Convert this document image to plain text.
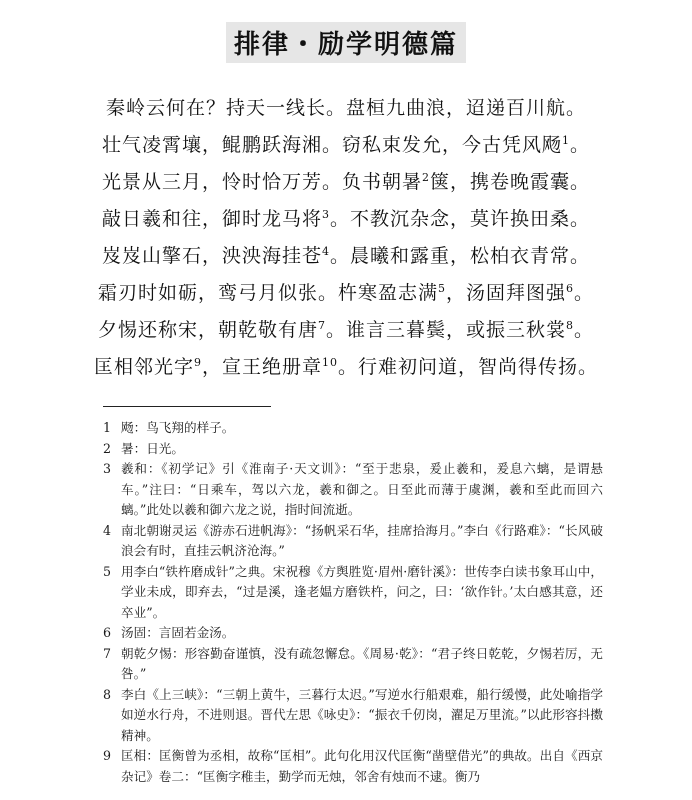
排律・励学明德篇
秦岭云何在？持天一线长。盘桓九曲浪，迢递百川航。
壮气凌霄壤，鲲鹏跃海湘。窃私束发允，今古凭风飏$^1$。
光景从三月，怜时恰万芳。负书朝暑$^2$箧，携卷晚霞囊。
敲日羲和往，御时龙马将$^3$。不教沉杂念，莫许换田桑。
岌岌山擎石，泱泱海挂苍$^4$。晨曦和露重，松柏衣青常。
霜刃时如砺，鸾弓月似张。杵寒盈志满$^5$，汤固拜图强$^6$。
夕惕还称宋，朝乾敬有唐$^7$。谁言三暮鬓，或振三秋裳$^8$。
匡相邻光字$^9$，宣王绝册章$^{10}$。行难初问道，智尚得传扬。
1 飏：鸟飞翔的样子。
2 暑：日光。
3 羲和：《初学记》引《淮南子·天文训》：“至于悲泉，爰止羲和，爰息六螭，是谓悬车。”注曰：“日乘车，驾以六龙，羲和御之。日至此而薄于虞渊，羲和至此而回六螭。”此处以羲和御六龙之说，指时间流逝。
4 南北朝谢灵运《游赤石进帆海》：“扬帆采石华，挂席拾海月。”李白《行路难》：“长风破浪会有时，直挂云帆济沧海。”
5 用李白“铁杵磨成针”之典。宋祝穆《方舆胜览·眉州·磨针溪》：世传李白读书象耳山中，学业未成，即弃去，“过是溪，逢老媪方磨铁杵，问之，曰：‘欲作针。’太白感其意，还卒业”。
6 汤固：言固若金汤。
7 朝乾夕惕：形容勤奋谨慎，没有疏忽懈怠。《周易·乾》：“君子终日乾乾，夕惕若厉，无咎。”
8 李白《上三峡》：“三朝上黄牛，三暮行太迟。”写逆水行船艰难，船行缓慢，此处喻指学如逆水行舟，不进则退。晋代左思《咏史》：“振衣千仞岗，濯足万里流。”以此形容抖擞精神。
9 匡相：匡衡曾为丞相，故称“匡相”。此句化用汉代匡衡“凿壁借光”的典故。出自《西京杂记》卷二：“匡衡字稚圭，勤学而无烛，邻舍有烛而不逮。衡乃
